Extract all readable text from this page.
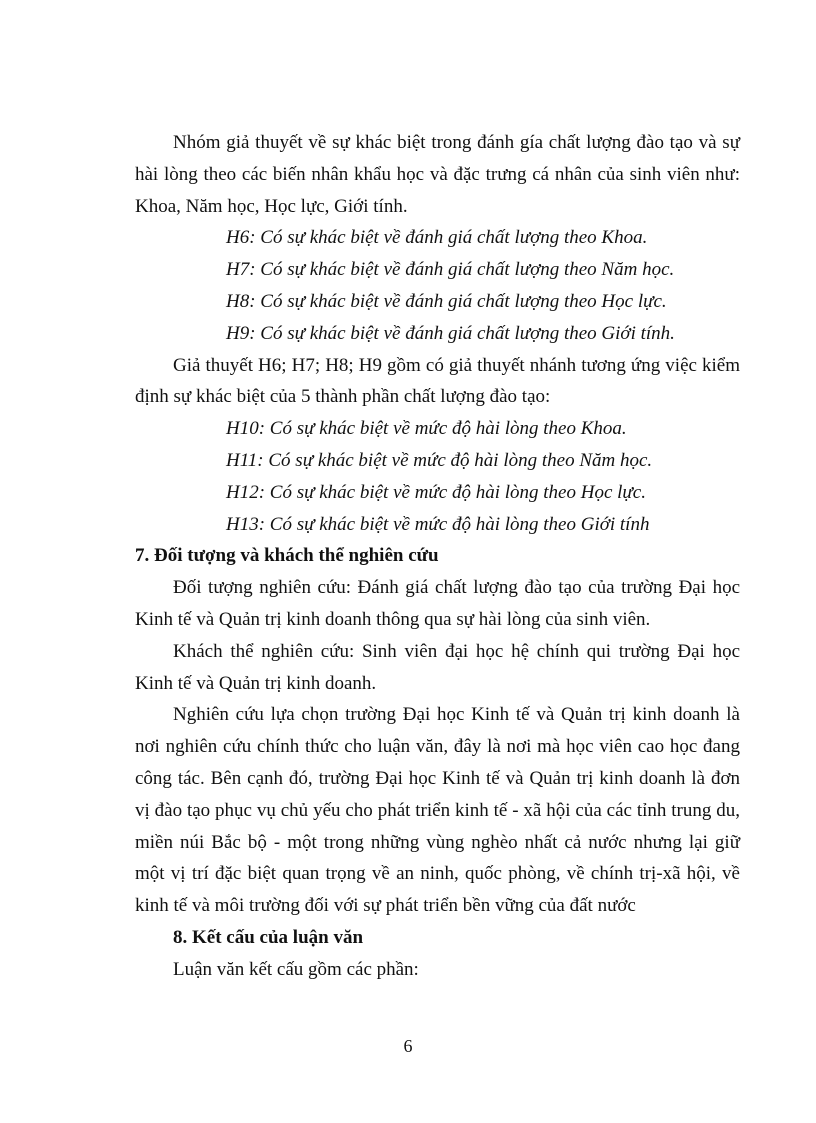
Nhóm giả thuyết về sự khác biệt trong đánh gía chất lượng đào tạo và sự hài lòng theo các biến nhân khẩu học và đặc trưng cá nhân của sinh viên như: Khoa, Năm học, Học lực, Giới tính.

H6: Có sự khác biệt về đánh giá chất lượng theo Khoa.

H7: Có sự khác biệt về đánh giá chất lượng theo Năm học.

H8: Có sự khác biệt về đánh giá chất lượng theo Học lực.

H9: Có sự khác biệt về đánh giá chất lượng theo Giới tính.

Giả thuyết H6; H7; H8; H9 gồm có giả thuyết nhánh tương ứng việc kiểm định sự khác biệt của 5 thành phần chất lượng đào tạo:

H10: Có sự khác biệt về mức độ hài lòng theo Khoa.

H11: Có sự khác biệt về mức độ hài lòng theo Năm học.

H12: Có sự khác biệt về mức độ hài lòng theo Học lực.

H13: Có sự khác biệt về mức độ hài lòng theo Giới tính

7. Đối tượng và khách thể nghiên cứu

Đối tượng nghiên cứu: Đánh giá chất lượng đào tạo của trường Đại học Kinh tế và Quản trị kinh doanh thông qua sự hài lòng của sinh viên.

Khách thể nghiên cứu: Sinh viên đại học hệ chính qui trường Đại học Kinh tế và Quản trị kinh doanh.

Nghiên cứu lựa chọn trường Đại học Kinh tế và Quản trị kinh doanh là nơi nghiên cứu chính thức cho luận văn, đây là nơi mà học viên cao học đang công tác. Bên cạnh đó, trường Đại học Kinh tế và Quản trị kinh doanh là đơn vị đào tạo phục vụ chủ yếu cho phát triển kinh tế - xã hội của các tỉnh trung du, miền núi Bắc bộ - một trong những vùng nghèo nhất cả nước nhưng lại giữ một vị trí đặc biệt quan trọng về an ninh, quốc phòng, về chính trị-xã hội, về kinh tế và môi trường đối với sự phát triển bền vững của đất nước

8. Kết cấu của luận văn

Luận văn kết cấu gồm các phần:

6
